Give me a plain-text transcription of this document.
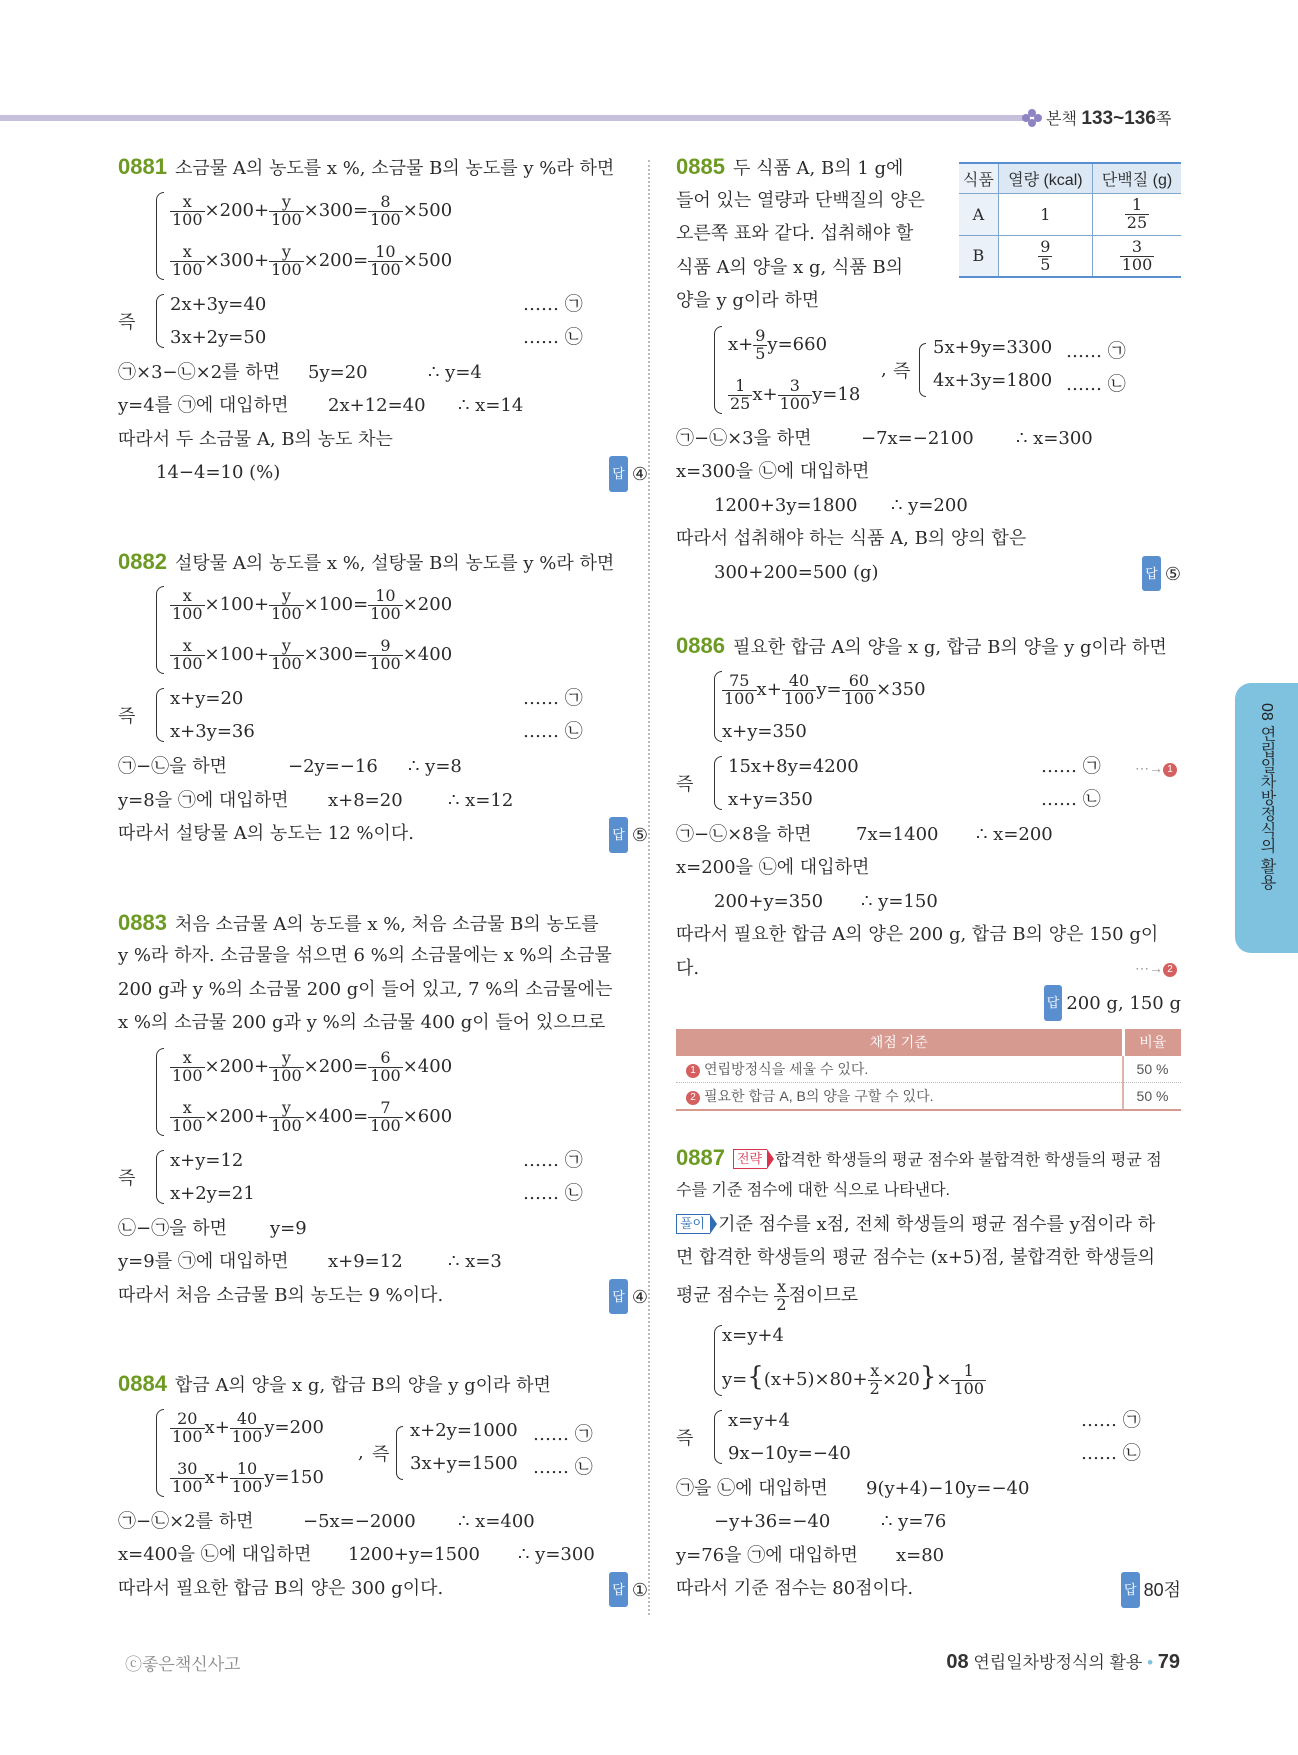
본책 133~136쪽
0881 소금물 A의 농도를 x %, 소금물 B의 농도를 y %라 하면
$\frac{x}{100} \times 200+ \frac{y}{100} \times 300= \frac{8}{100} \times 500$
$\frac{x}{100} \times 300+ \frac{y}{100} \times 200= \frac{10}{100} \times 500$
즉
2x+3y=40	…… ㉠
3x+2y=50	…… ㉡
㉠×3−㉡×2를 하면 5y=20	∴ y=4
y=4를 ㉠에 대입하면 2x+12=40 ∴ x=14
따라서 두 소금물 A, B의 농도 차는
14−4=10 (%)	답 ④
0882 설탕물 A의 농도를 x %, 설탕물 B의 농도를 y %라 하면
$\frac{x}{100} \times 100+ \frac{y}{100} \times 100= \frac{10}{100} \times 200$
$\frac{x}{100} \times 100+ \frac{y}{100} \times 300= \frac{9}{100} \times 400$
즉
x+y=20	…… ㉠
x+3y=36	…… ㉡
㉠−㉡을 하면	−2y=−16 ∴ y=8
y=8을 ㉠에 대입하면 x+8=20	∴ x=12
따라서 설탕물 A의 농도는 12 %이다.	답 ⑤
0883 처음 소금물 A의 농도를 x %, 처음 소금물 B의 농도를
y %라 하자. 소금물을 섞으면 6 %의 소금물에는 x %의 소금물
200 g과 y %의 소금물 200 g이 들어 있고, 7 %의 소금물에는
x %의 소금물 200 g과 y %의 소금물 400 g이 들어 있으므로
$\frac{x}{100} \times 200+ \frac{y}{100} \times 200= \frac{6}{100} \times 400$
$\frac{x}{100} \times 200+ \frac{y}{100} \times 400= \frac{7}{100} \times 600$
즉
x+y=12	…… ㉠
x+2y=21	…… ㉡
㉡−㉠을 하면 y=9
y=9를 ㉠에 대입하면 x+9=12	∴ x=3
따라서 처음 소금물 B의 농도는 9 %이다.	답 ④
0884 합금 A의 양을 x g, 합금 B의 양을 y g이라 하면
$\frac{20}{100} x+ \frac{40}{100} y=200$
$\frac{30}{100} x+ \frac{10}{100} y=150$
, 즉
x+2y=1000 …… ㉠
3x+y=1500 …… ㉡
㉠−㉡×2를 하면	−5x=−2000 ∴ x=400
x=400을 ㉡에 대입하면 1200+y=1500 ∴ y=300
따라서 필요한 합금 B의 양은 300 g이다.	답 ①
식품	열량 (kcal)	단백질 (g)
A	1	$\frac{1}{25}$

B	$\frac{9}{5}$	$\frac{3}{100}$
0885 두 식품 A, B의 1 g에
들어 있는 열량과 단백질의 양은
오른쪽 표와 같다. 섭취해야 할
식품 A의 양을 x g, 식품 B의
양을 y g이라 하면
$x+ \frac{9}{5} y=660$
$\frac{1}{25} x+ \frac{3}{100} y=18$
, 즉
5x+9y=3300 …… ㉠
4x+3y=1800 …… ㉡
㉠−㉡×3을 하면	−7x=−2100 ∴ x=300
x=300을 ㉡에 대입하면
1200+3y=1800 ∴ y=200
따라서 섭취해야 하는 식품 A, B의 양의 합은
300+200=500 (g)	답 ⑤
0886 필요한 합금 A의 양을 x g, 합금 B의 양을 y g이라 하면
$\frac{75}{100} x+ \frac{40}{100} y= \frac{60}{100} \times 350$
x+y=350
즉
15x+8y=4200	…… ㉠
x+y=350	…… ㉡
⋯→ 1
㉠−㉡×8을 하면 7x=1400 ∴ x=200
x=200을 ㉡에 대입하면
200+y=350 ∴ y=150
따라서 필요한 합금 A의 양은 200 g, 합금 B의 양은 150 g이
다.	⋯→ 2
답 200 g, 150 g
채점 기준	비율
1 연립방정식을 세울 수 있다.	50 %
2 필요한 합금 A, B의 양을 구할 수 있다.	50 %
0887 전략 합격한 학생들의 평균 점수와 불합격한 학생들의 평균 점
수를 기준 점수에 대한 식으로 나타낸다.
풀이 기준 점수를 x점, 전체 학생들의 평균 점수를 y점이라 하
면 합격한 학생들의 평균 점수는 (x+5)점, 불합격한 학생들의
평균 점수는 $\frac{x}{2}$ 점이므로
x=y+4
$y=\{(x+5)\times 80+ \frac{x}{2} \times 20\}\times \frac{1}{100}$
즉
x=y+4	…… ㉠
9x−10y=−40	…… ㉡
㉠을 ㉡에 대입하면 9(y+4)−10y=−40
−y+36=−40	∴ y=76
y=76을 ㉠에 대입하면 x=80
따라서 기준 점수는 80점이다.	답 80점
08 연립일차방정식의 활용
ⓒ좋은책신사고	08 연립일차방정식의 활용 • 79
